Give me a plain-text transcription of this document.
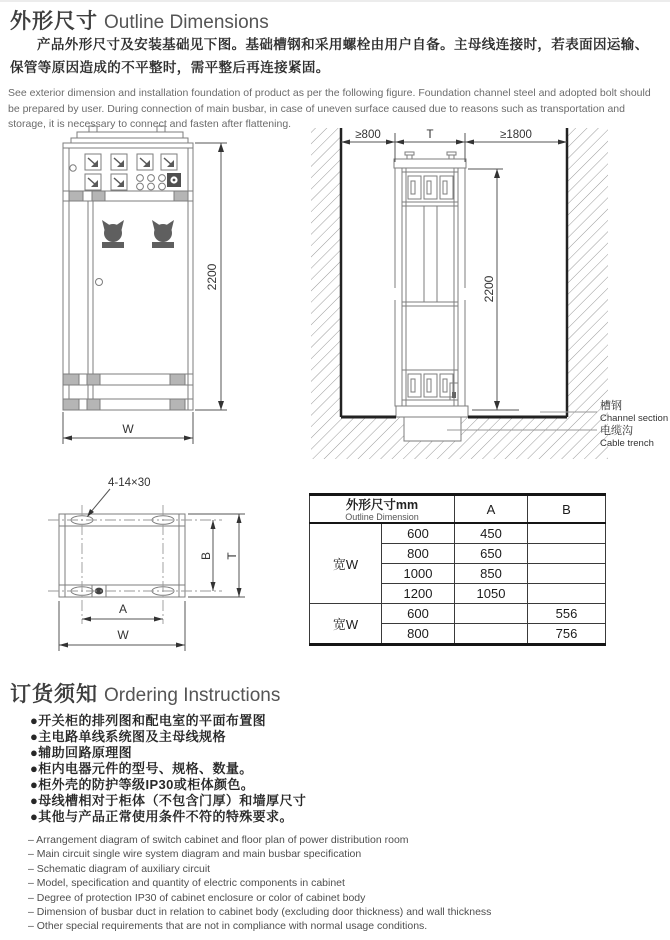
外形尺寸 Outline Dimensions

产品外形尺寸及安装基础见下图。基础槽钢和采用螺栓由用户自备。主母线连接时，若表面因运输、保管等原因造成的不平整时，需平整后再连接紧固。

See exterior dimension and installation foundation of product as per the following figure. Foundation channel steel and adopted bolt should be prepared by user. During connection of main busbar, in case of uneven surface caused due to reasons such as transportation and storage, it is necessary to connect and fasten after flattening.

2200
W
≥800	T	≥1800
2200
槽钢
Channel section
电缆沟
Cable trench
4-14×30
B T
A
W
外形尺寸mm
Outline Dimension		A	B
宽W	600	450	
	800	650	
	1000	850	
	1200	1050	
宽W	600		556
	800		756
订货须知 Ordering Instructions
●开关柜的排列图和配电室的平面布置图
●主电路单线系统图及主母线规格
●辅助回路原理图
●柜内电器元件的型号、规格、数量。
●柜外壳的防护等级IP30或柜体颜色。
●母线槽相对于柜体（不包含门厚）和墙厚尺寸
●其他与产品正常使用条件不符的特殊要求。
– Arrangement diagram of switch cabinet and floor plan of power distribution room
– Main circuit single wire system diagram and main busbar specification
– Schematic diagram of auxiliary circuit
– Model, specification and quantity of electric components in cabinet
– Degree of protection IP30 of cabinet enclosure or color of cabinet body
– Dimension of busbar duct in relation to cabinet body (excluding door thickness) and wall thickness
– Other special requirements that are not in compliance with normal usage conditions.
